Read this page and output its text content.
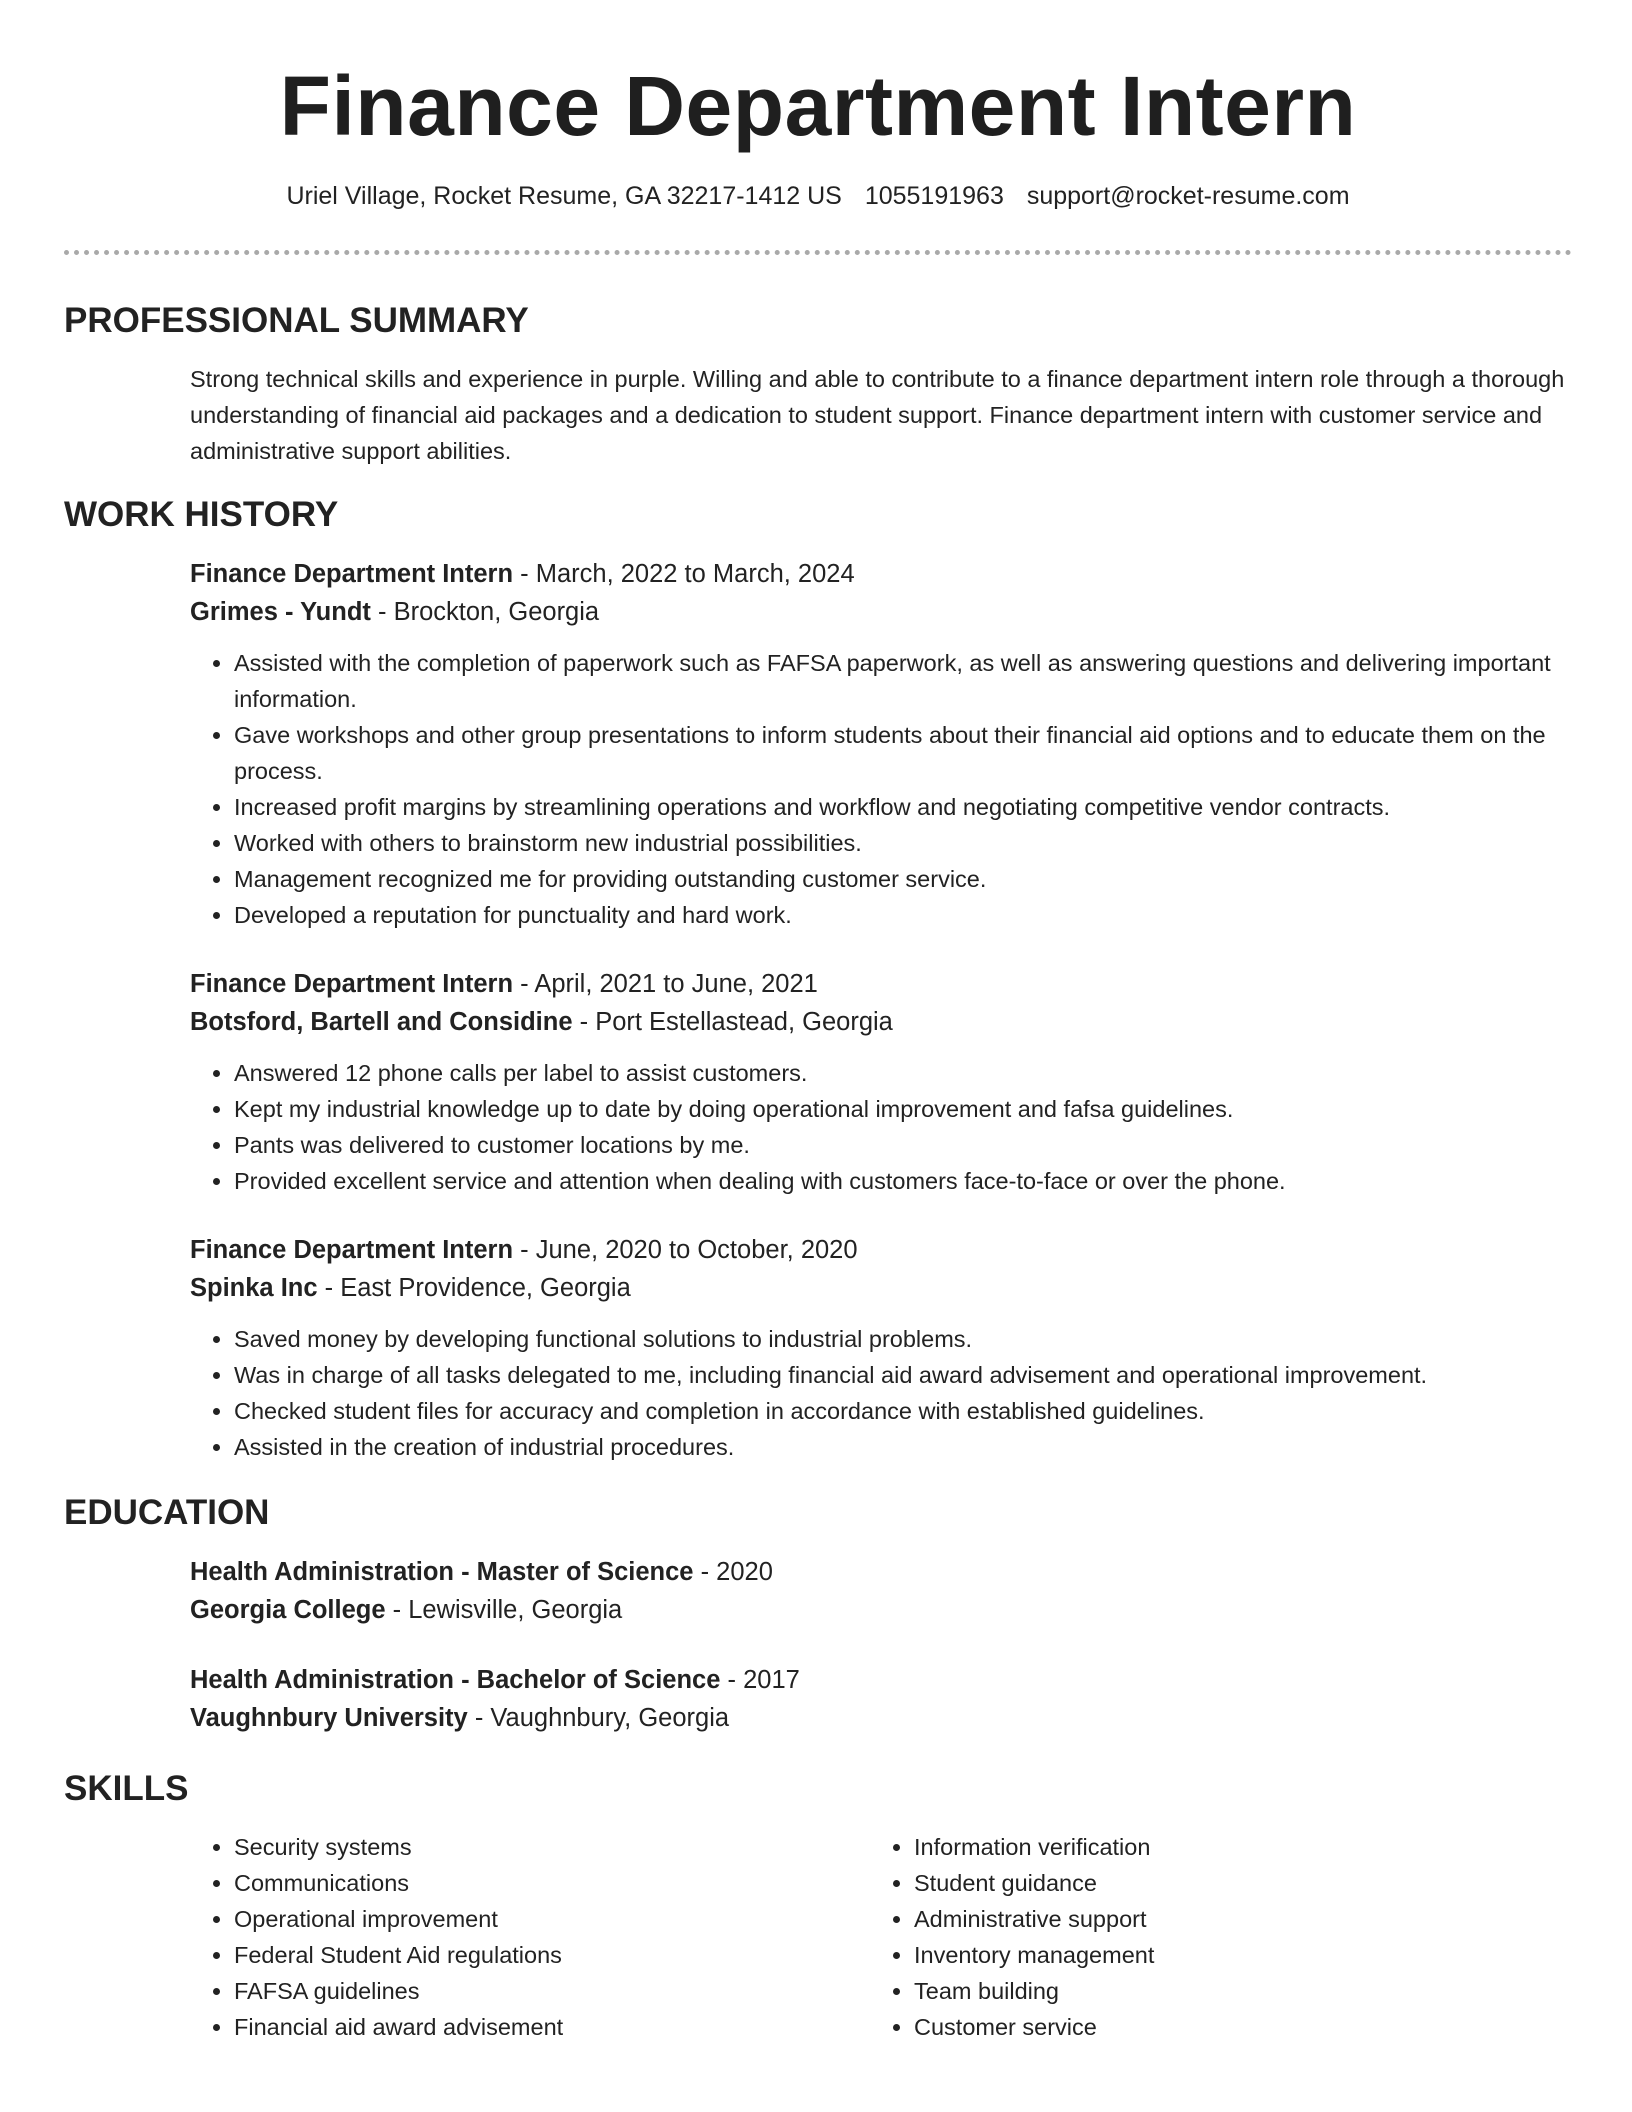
Finance Department Intern
Uriel Village, Rocket Resume, GA 32217-1412 US 1055191963 support@rocket-resume.com
PROFESSIONAL SUMMARY

Strong technical skills and experience in purple. Willing and able to contribute to a finance department intern role through a thorough understanding of financial aid packages and a dedication to student support. Finance department intern with customer service and administrative support abilities.

WORK HISTORY
Finance Department Intern - March, 2022 to March, 2024
Grimes - Yundt - Brockton, Georgia
• Assisted with the completion of paperwork such as FAFSA paperwork, as well as answering questions and delivering important information.
• Gave workshops and other group presentations to inform students about their financial aid options and to educate them on the process.
• Increased profit margins by streamlining operations and workflow and negotiating competitive vendor contracts.
• Worked with others to brainstorm new industrial possibilities.
• Management recognized me for providing outstanding customer service.
• Developed a reputation for punctuality and hard work.
Finance Department Intern - April, 2021 to June, 2021
Botsford, Bartell and Considine - Port Estellastead, Georgia
• Answered 12 phone calls per label to assist customers.
• Kept my industrial knowledge up to date by doing operational improvement and fafsa guidelines.
• Pants was delivered to customer locations by me.
• Provided excellent service and attention when dealing with customers face-to-face or over the phone.
Finance Department Intern - June, 2020 to October, 2020
Spinka Inc - East Providence, Georgia
• Saved money by developing functional solutions to industrial problems.
• Was in charge of all tasks delegated to me, including financial aid award advisement and operational improvement.
• Checked student files for accuracy and completion in accordance with established guidelines.
• Assisted in the creation of industrial procedures.
EDUCATION
Health Administration - Master of Science - 2020
Georgia College - Lewisville, Georgia
Health Administration - Bachelor of Science - 2017
Vaughnbury University - Vaughnbury, Georgia
SKILLS
• Security systems
• Communications
• Operational improvement
• Federal Student Aid regulations
• FAFSA guidelines
• Financial aid award advisement
• Information verification
• Student guidance
• Administrative support
• Inventory management
• Team building
• Customer service
